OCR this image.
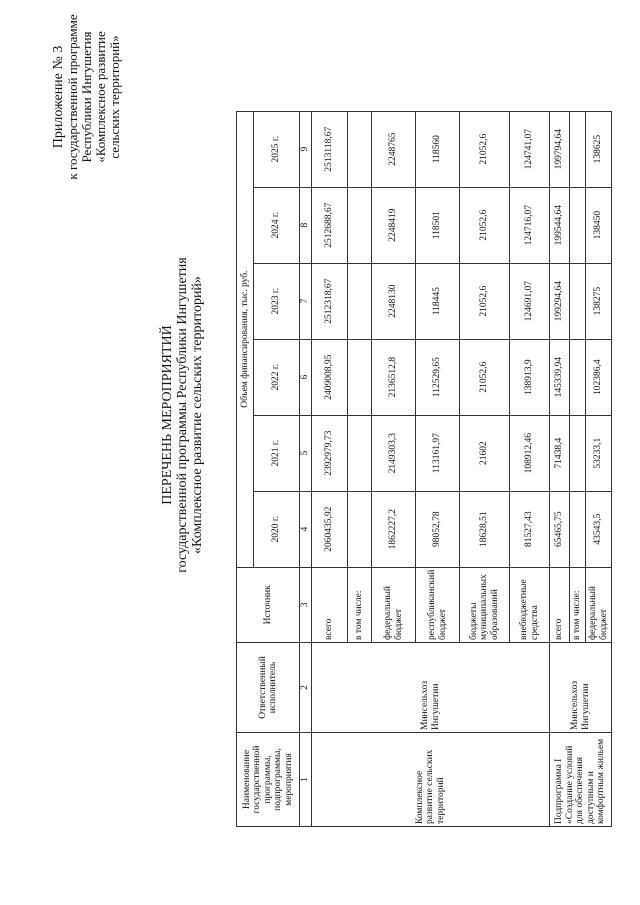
Приложение № 3 к государственной программе Республики Ингушетия «Комплексное развитие сельских территорий»
ПЕРЕЧЕНЬ МЕРОПРИЯТИЙ государственной программы Республики Ингушетия «Комплексное развитие сельских территорий»
Наименование государственной программы, подпрограммы, мероприятия	Ответственный исполнитель	Источник	Объем финансирования, тыс. руб.					
			2020 г.	2021 г.	2022 г.	2023 г.	2024 г.	2025 г.
1	2	3	4	5	6	7	8	9
Комплексное развитие сельских территорий	Минсельхоз Ингушетии	всего	2060435,92	2392979,73	2409008,95	2512318,67	2512688,67	2513118,67
		в том числе:						
		федеральный бюджет	1862227,2	2149303,3	2136512,8	2248130	2248419	2248765
		республиканский бюджет	98052,78	113161,97	112529,65	118445	118501	118560
		бюджеты муниципальных образований	18628,51	21602	21052,6	21052,6	21052,6	21052,6
		внебюджетные средства	81527,43	108912,46	138913,9	124691,07	124716,07	124741,07
Подпрограмма I «Создание условий для обеспечения доступным и комфортным жильем	Минсельхоз Ингушетии	всего	65465,75	71438,4	145339,94	199294,64	199544,64	199794,64
		в том числе:						
		федеральный бюджет	43543,5	53233,1	102386,4	138275	138450	138625
